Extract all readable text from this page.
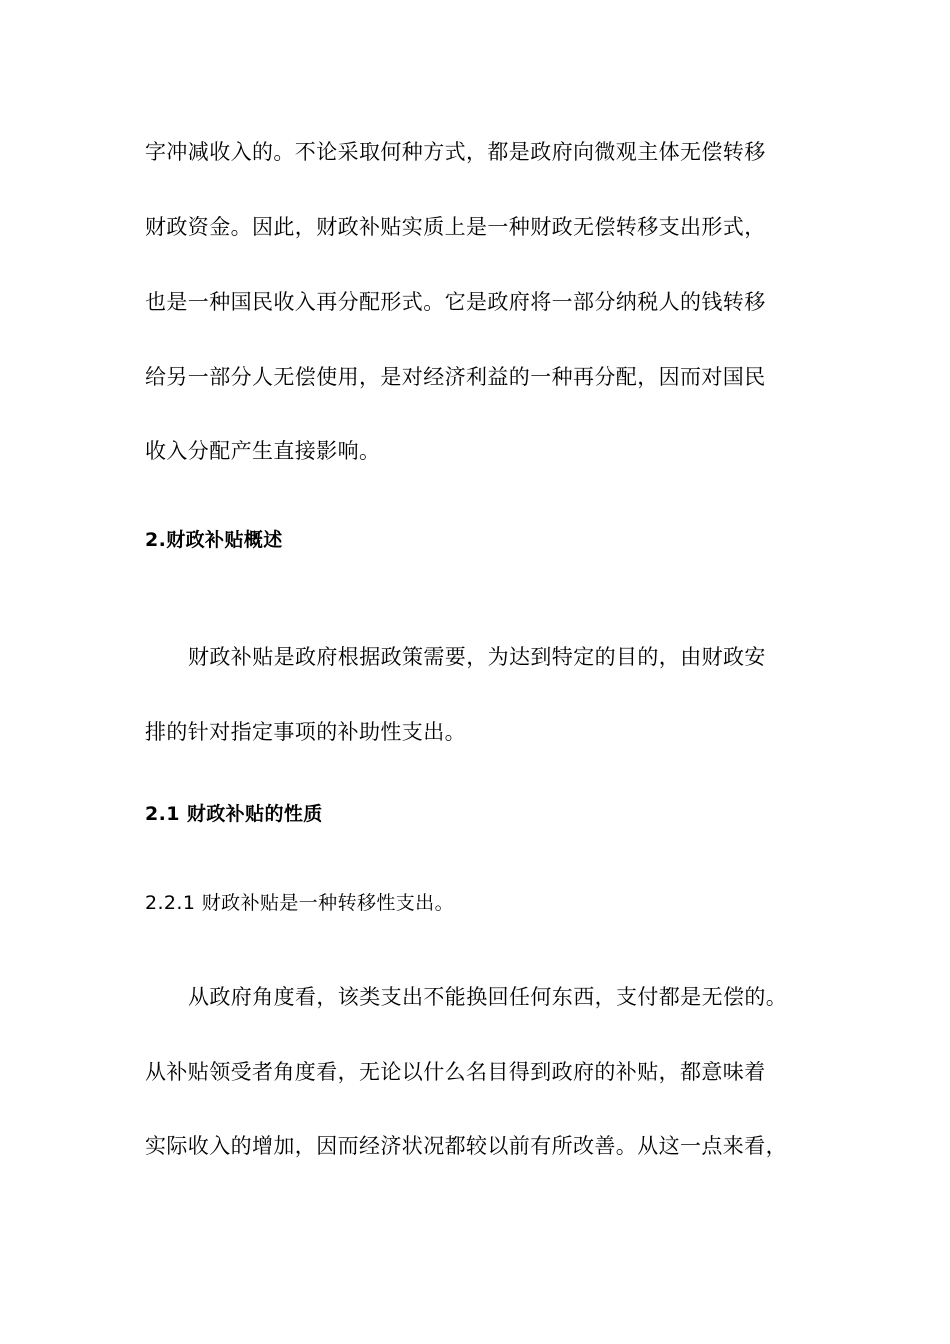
字冲减收入的。不论采取何种方式，都是政府向微观主体无偿转移
财政资金。因此，财政补贴实质上是一种财政无偿转移支出形式，
也是一种国民收入再分配形式。它是政府将一部分纳税人的钱转移
给另一部分人无偿使用，是对经济利益的一种再分配，因而对国民
收入分配产生直接影响。
2.财政补贴概述
财政补贴是政府根据政策需要，为达到特定的目的，由财政安
排的针对指定事项的补助性支出。
2.1 财政补贴的性质
2.2.1 财政补贴是一种转移性支出。
从政府角度看，该类支出不能换回任何东西，支付都是无偿的。
从补贴领受者角度看，无论以什么名目得到政府的补贴，都意味着
实际收入的增加，因而经济状况都较以前有所改善。从这一点来看，
